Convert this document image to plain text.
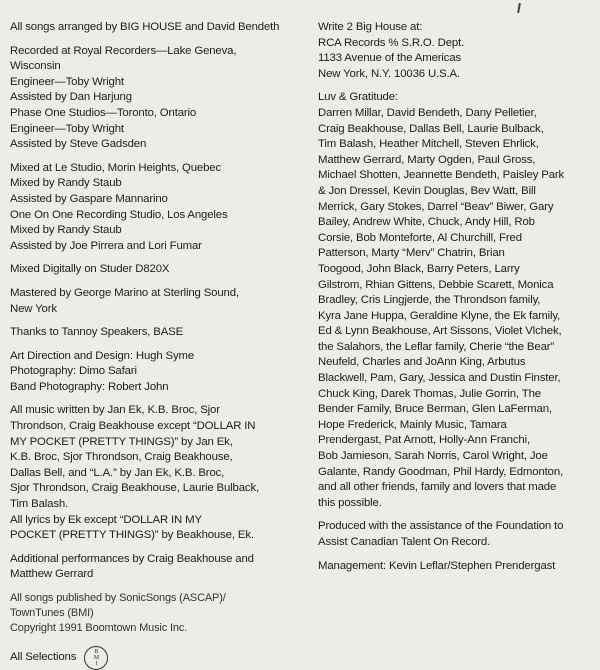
All songs arranged by BIG HOUSE and David Bendeth

Recorded at Royal Recorders—Lake Geneva,
Wisconsin
Engineer—Toby Wright
Assisted by Dan Harjung
Phase One Studios—Toronto, Ontario
Engineer—Toby Wright
Assisted by Steve Gadsden

Mixed at Le Studio, Morin Heights, Quebec
Mixed by Randy Staub
Assisted by Gaspare Mannarino
One On One Recording Studio, Los Angeles
Mixed by Randy Staub
Assisted by Joe Pirrera and Lori Fumar

Mixed Digitally on Studer D820X

Mastered by George Marino at Sterling Sound,
New York

Thanks to Tannoy Speakers, BASE

Art Direction and Design: Hugh Syme
Photography: Dimo Safari
Band Photography: Robert John

All music written by Jan Ek, K.B. Broc, Sjor
Throndson, Craig Beakhouse except “DOLLAR IN
MY POCKET (PRETTY THINGS)” by Jan Ek,
K.B. Broc, Sjor Throndson, Craig Beakhouse,
Dallas Bell, and “L.A.” by Jan Ek, K.B. Broc,
Sjor Throndson, Craig Beakhouse, Laurie Bulback,
Tim Balash.
All lyrics by Ek except “DOLLAR IN MY
POCKET (PRETTY THINGS)” by Beakhouse, Ek.

Additional performances by Craig Beakhouse and
Matthew Gerrard

All songs published by SonicSongs (ASCAP)/
TownTunes (BMI)
Copyright 1991 Boomtown Music Inc.

All Selections	B
M
I

Write 2 Big House at:
RCA Records % S.R.O. Dept.
1133 Avenue of the Americas
New York, N.Y. 10036 U.S.A.

Luv & Gratitude:
Darren Millar, David Bendeth, Dany Pelletier,
Craig Beakhouse, Dallas Bell, Laurie Bulback,
Tim Balash, Heather Mitchell, Steven Ehrlick,
Matthew Gerrard, Marty Ogden, Paul Gross,
Michael Shotten, Jeannette Bendeth, Paisley Park
& Jon Dressel, Kevin Douglas, Bev Watt, Bill
Merrick, Gary Stokes, Darrel “Beav” Biwer, Gary
Bailey, Andrew White, Chuck, Andy Hill, Rob
Corsie, Bob Monteforte, Al Churchill, Fred
Patterson, Marty “Merv” Chatrin, Brian
Toogood, John Black, Barry Peters, Larry
Gilstrom, Rhian Gittens, Debbie Scarett, Monica
Bradley, Cris Lingjerde, the Throndson family,
Kyra Jane Huppa, Geraldine Klyne, the Ek family,
Ed & Lynn Beakhouse, Art Sissons, Violet Vlchek,
the Salahors, the Leflar family, Cherie “the Bear”
Neufeld, Charles and JoAnn King, Arbutus
Blackwell, Pam, Gary, Jessica and Dustin Finster,
Chuck King, Darek Thomas, Julie Gorrin, The
Bender Family, Bruce Berman, Glen LaFerman,
Hope Frederick, Mainly Music, Tamara
Prendergast, Pat Arnott, Holly-Ann Franchi,
Bob Jamieson, Sarah Norris, Carol Wright, Joe
Galante, Randy Goodman, Phil Hardy, Edmonton,
and all other friends, family and lovers that made
this possible.

Produced with the assistance of the Foundation to
Assist Canadian Talent On Record.

Management: Kevin Leflar/Stephen Prendergast
